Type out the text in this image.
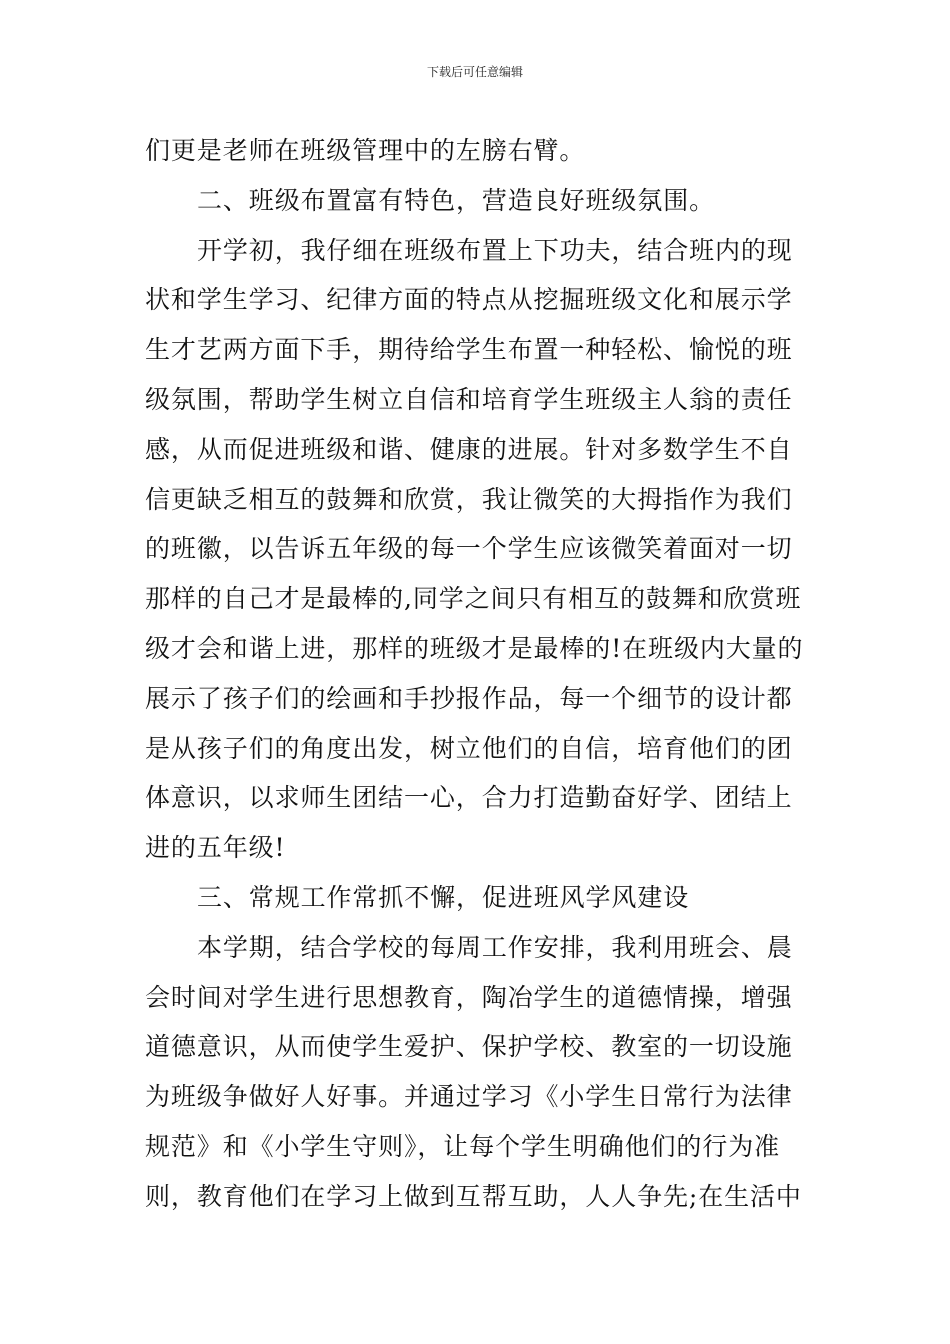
下载后可任意编辑
们更是老师在班级管理中的左膀右臂。
二、班级布置富有特色，营造良好班级氛围。
开学初，我仔细在班级布置上下功夫，结合班内的现
状和学生学习、纪律方面的特点从挖掘班级文化和展示学
生才艺两方面下手，期待给学生布置一种轻松、愉悦的班
级氛围，帮助学生树立自信和培育学生班级主人翁的责任
感，从而促进班级和谐、健康的进展。针对多数学生不自
信更缺乏相互的鼓舞和欣赏，我让微笑的大拇指作为我们
的班徽，以告诉五年级的每一个学生应该微笑着面对一切
那样的自己才是最棒的,同学之间只有相互的鼓舞和欣赏班
级才会和谐上进，那样的班级才是最棒的!在班级内大量的
展示了孩子们的绘画和手抄报作品，每一个细节的设计都
是从孩子们的角度出发，树立他们的自信，培育他们的团
体意识，以求师生团结一心，合力打造勤奋好学、团结上
进的五年级!
三、常规工作常抓不懈，促进班风学风建设
本学期，结合学校的每周工作安排，我利用班会、晨
会时间对学生进行思想教育，陶冶学生的道德情操，增强
道德意识，从而使学生爱护、保护学校、教室的一切设施
为班级争做好人好事。并通过学习《小学生日常行为法律
规范》和《小学生守则》，让每个学生明确他们的行为准
则，教育他们在学习上做到互帮互助，人人争先;在生活中
